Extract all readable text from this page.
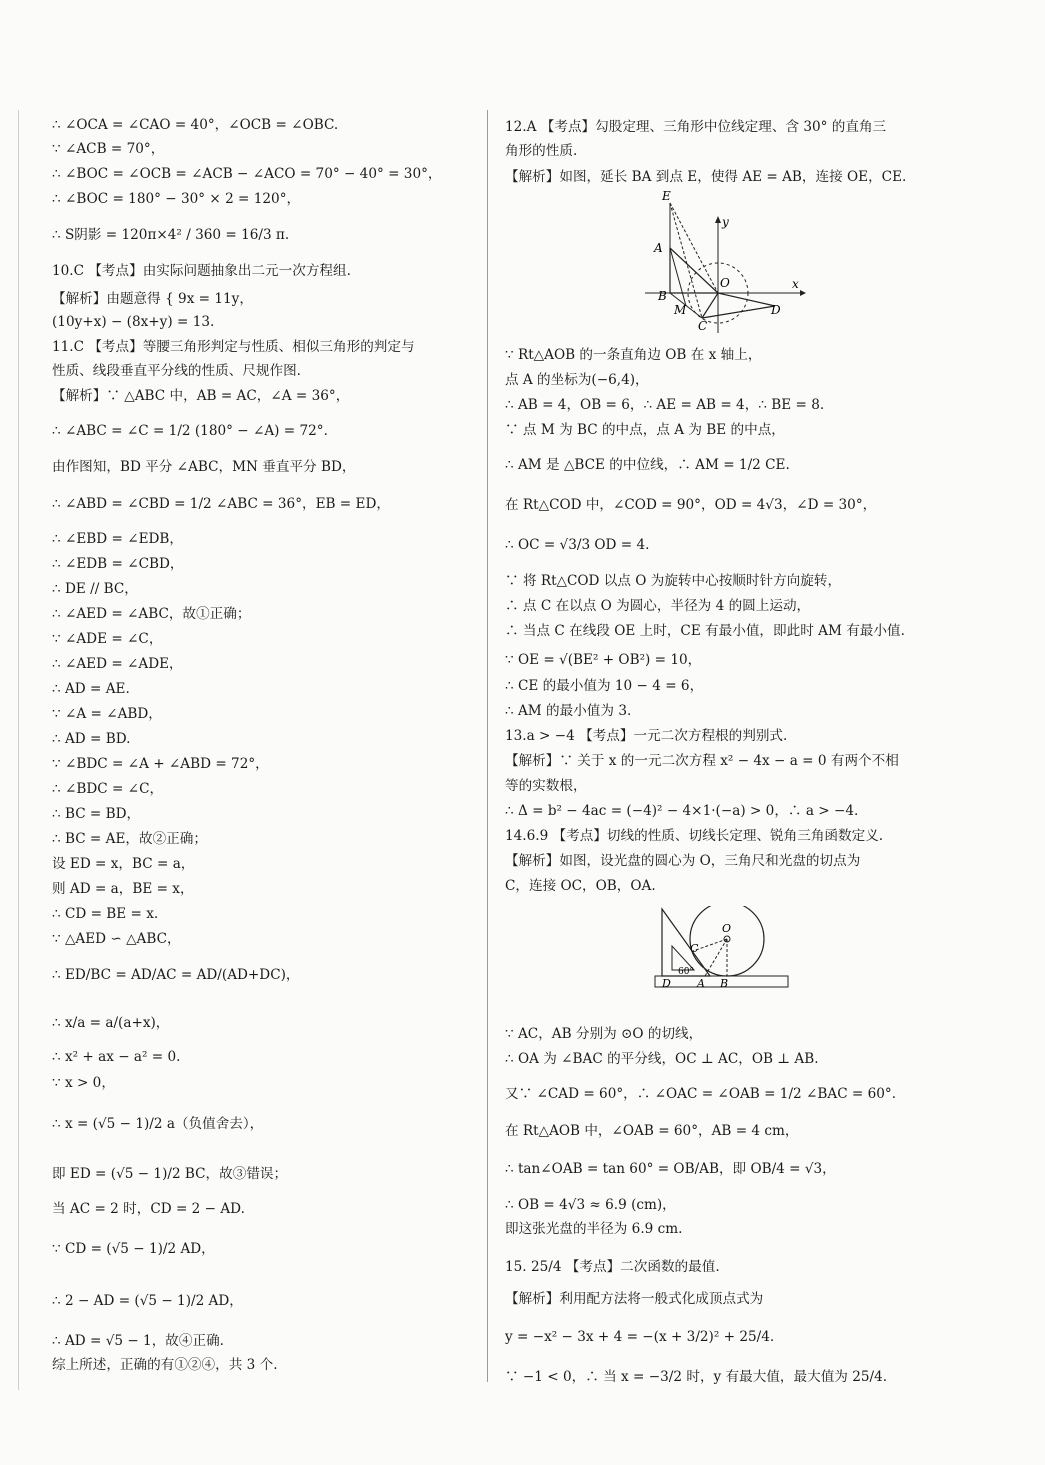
∴ ∠OCA = ∠CAO = 40°，∠OCB = ∠OBC.
∵ ∠ACB = 70°，
∴ ∠BOC = ∠OCB = ∠ACB − ∠ACO = 70° − 40° = 30°，
∴ ∠BOC = 180° − 30° × 2 = 120°，
∴ S阴影 = 120π×4² / 360 = 16/3 π.
10.C 【考点】由实际问题抽象出二元一次方程组.
【解析】由题意得 { 9x = 11y，
(10y+x) − (8x+y) = 13.
11.C 【考点】等腰三角形判定与性质、相似三角形的判定与
性质、线段垂直平分线的性质、尺规作图.
【解析】∵ △ABC 中，AB = AC，∠A = 36°，
∴ ∠ABC = ∠C = 1/2 (180° − ∠A) = 72°.
由作图知，BD 平分 ∠ABC，MN 垂直平分 BD，
∴ ∠ABD = ∠CBD = 1/2 ∠ABC = 36°，EB = ED，
∴ ∠EBD = ∠EDB，
∴ ∠EDB = ∠CBD，
∴ DE // BC，
∴ ∠AED = ∠ABC，故①正确；
∵ ∠ADE = ∠C，
∴ ∠AED = ∠ADE，
∴ AD = AE.
∵ ∠A = ∠ABD，
∴ AD = BD.
∵ ∠BDC = ∠A + ∠ABD = 72°，
∴ ∠BDC = ∠C，
∴ BC = BD，
∴ BC = AE，故②正确；
设 ED = x，BC = a，
则 AD = a，BE = x，
∴ CD = BE = x.
∵ △AED ∽ △ABC，
∴ ED/BC = AD/AC = AD/(AD+DC)，
∴ x/a = a/(a+x)，
∴ x² + ax − a² = 0.
∵ x > 0，
∴ x = (√5 − 1)/2 a（负值舍去），
即 ED = (√5 − 1)/2 BC，故③错误；
当 AC = 2 时，CD = 2 − AD.
∵ CD = (√5 − 1)/2 AD，
∴ 2 − AD = (√5 − 1)/2 AD，
∴ AD = √5 − 1，故④正确.
综上所述，正确的有①②④，共 3 个.
12.A 【考点】勾股定理、三角形中位线定理、含 30° 的直角三
角形的性质.
【解析】如图，延长 BA 到点 E，使得 AE = AB，连接 OE，CE.
∵ Rt△AOB 的一条直角边 OB 在 x 轴上，
点 A 的坐标为(−6,4)，
∴ AB = 4，OB = 6，∴ AE = AB = 4，∴ BE = 8.
∵ 点 M 为 BC 的中点，点 A 为 BE 的中点，
∴ AM 是 △BCE 的中位线，∴ AM = 1/2 CE.
在 Rt△COD 中，∠COD = 90°，OD = 4√3，∠D = 30°，
∴ OC = √3/3 OD = 4.
∵ 将 Rt△COD 以点 O 为旋转中心按顺时针方向旋转，
∴ 点 C 在以点 O 为圆心，半径为 4 的圆上运动，
∴ 当点 C 在线段 OE 上时，CE 有最小值，即此时 AM 有最小值.
∵ OE = √(BE² + OB²) = 10，
∴ CE 的最小值为 10 − 4 = 6，
∴ AM 的最小值为 3.
13.a > −4 【考点】一元二次方程根的判别式.
【解析】∵ 关于 x 的一元二次方程 x² − 4x − a = 0 有两个不相
等的实数根，
∴ Δ = b² − 4ac = (−4)² − 4×1·(−a) > 0，∴ a > −4.
14.6.9 【考点】切线的性质、切线长定理、锐角三角函数定义.
【解析】如图，设光盘的圆心为 O，三角尺和光盘的切点为
C，连接 OC，OB，OA.
∵ AC，AB 分别为 ⊙O 的切线，
∴ OA 为 ∠BAC 的平分线，OC ⊥ AC，OB ⊥ AB.
又∵ ∠CAD = 60°，∴ ∠OAC = ∠OAB = 1/2 ∠BAC = 60°.
在 Rt△AOB 中，∠OAB = 60°，AB = 4 cm，
∴ tan∠OAB = tan 60° = OB/AB，即 OB/4 = √3，
∴ OB = 4√3 ≈ 6.9 (cm)，
即这张光盘的半径为 6.9 cm.
15. 25/4 【考点】二次函数的最值.
【解析】利用配方法将一般式化成顶点式为
y = −x² − 3x + 4 = −(x + 3/2)² + 25/4.
∵ −1 < 0，∴ 当 x = −3/2 时，y 有最大值，最大值为 25/4.
E
y
A
O
B
x
M
C
D
O
C
60°
D A B
